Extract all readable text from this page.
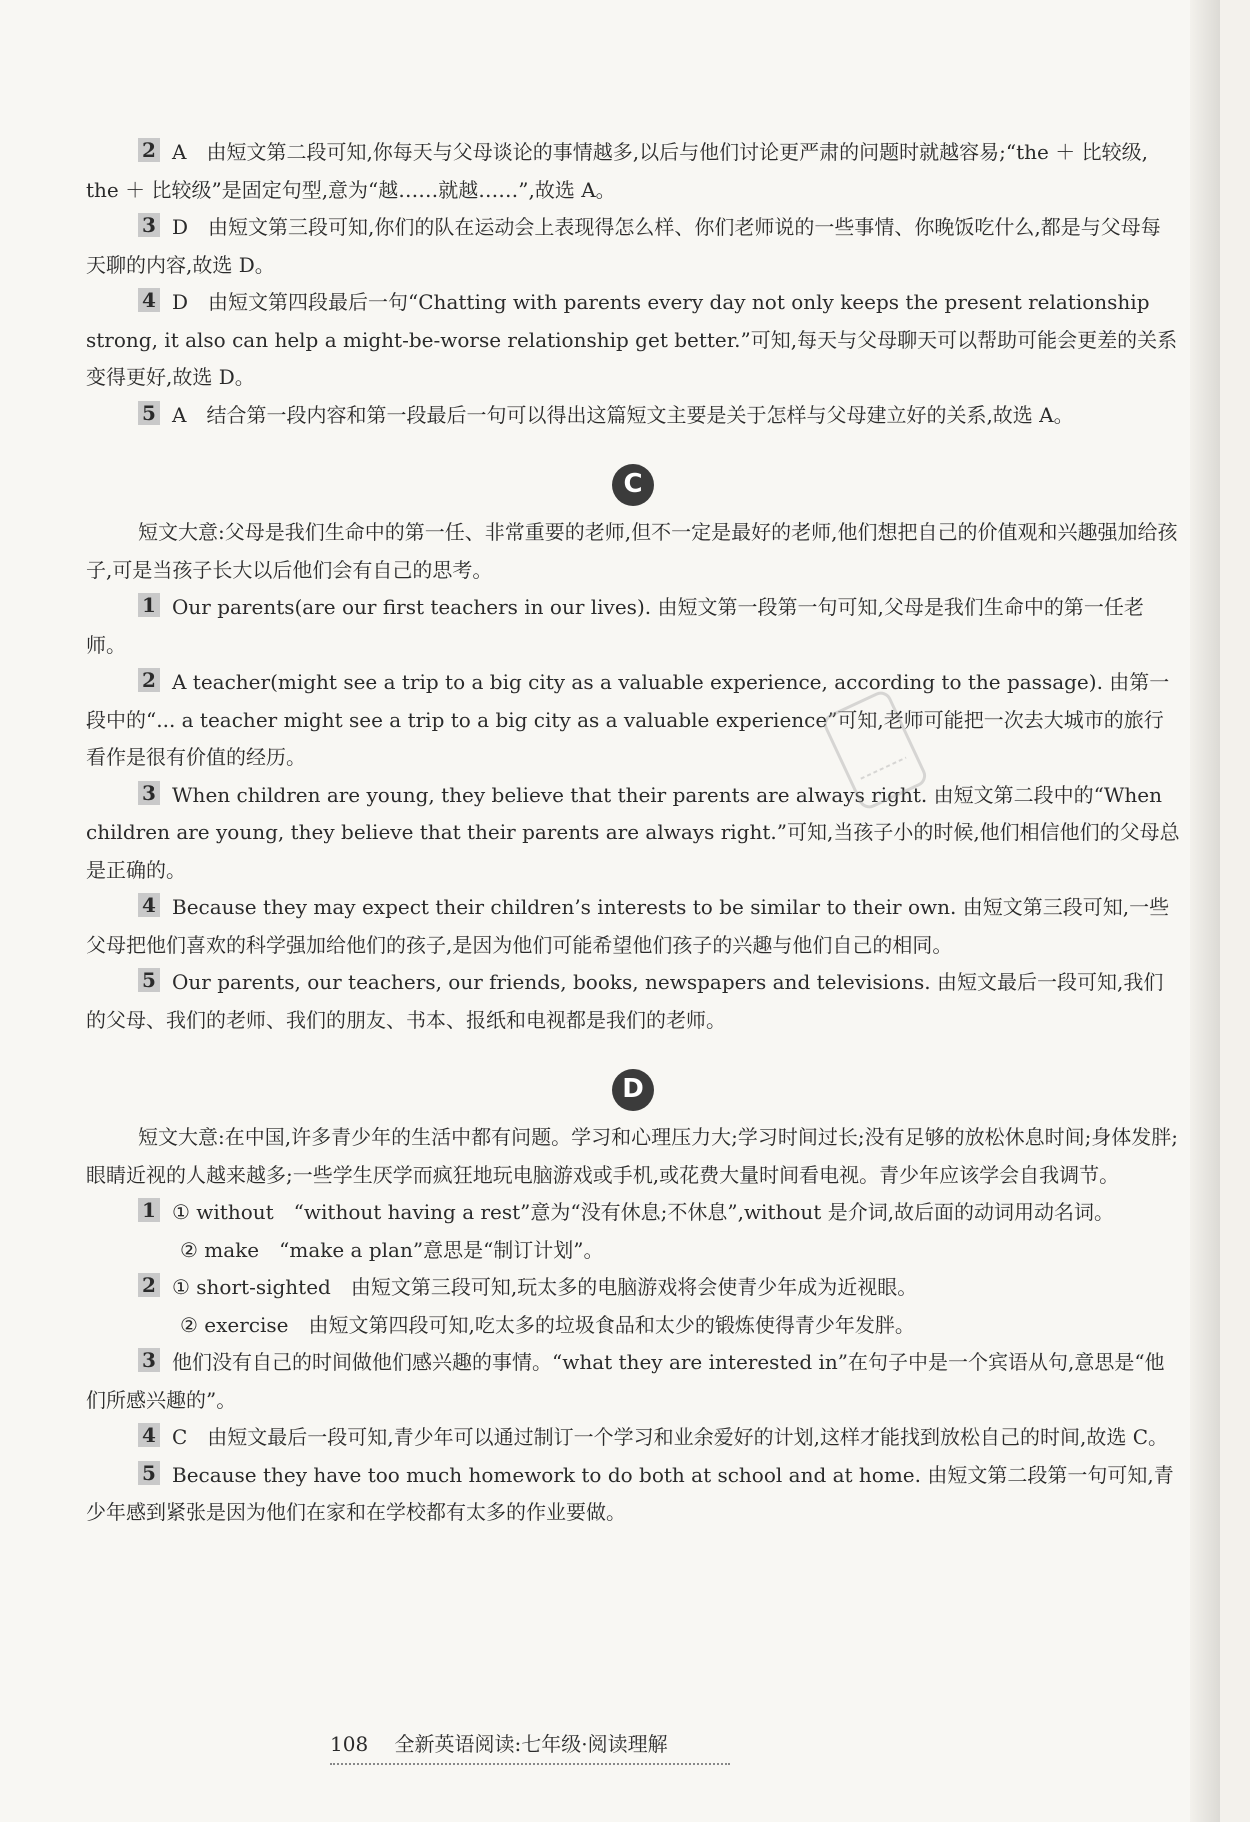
2 A　由短文第二段可知,你每天与父母谈论的事情越多,以后与他们讨论更严肃的问题时就越容易;“the ＋ 比较级, the ＋ 比较级”是固定句型,意为“越……就越……”,故选 A。

3 D　由短文第三段可知,你们的队在运动会上表现得怎么样、你们老师说的一些事情、你晚饭吃什么,都是与父母每天聊的内容,故选 D。

4 D　由短文第四段最后一句“Chatting with parents every day not only keeps the present relationship strong, it also can help a might-be-worse relationship get better.”可知,每天与父母聊天可以帮助可能会更差的关系变得更好,故选 D。

5 A　结合第一段内容和第一段最后一句可以得出这篇短文主要是关于怎样与父母建立好的关系,故选 A。

C

短文大意:父母是我们生命中的第一任、非常重要的老师,但不一定是最好的老师,他们想把自己的价值观和兴趣强加给孩子,可是当孩子长大以后他们会有自己的思考。

1 Our parents(are our first teachers in our lives). 由短文第一段第一句可知,父母是我们生命中的第一任老师。

2 A teacher(might see a trip to a big city as a valuable experience, according to the passage). 由第一段中的“... a teacher might see a trip to a big city as a valuable experience”可知,老师可能把一次去大城市的旅行看作是很有价值的经历。

3 When children are young, they believe that their parents are always right. 由短文第二段中的“When children are young, they believe that their parents are always right.”可知,当孩子小的时候,他们相信他们的父母总是正确的。

4 Because they may expect their children’s interests to be similar to their own. 由短文第三段可知,一些父母把他们喜欢的科学强加给他们的孩子,是因为他们可能希望他们孩子的兴趣与他们自己的相同。

5 Our parents, our teachers, our friends, books, newspapers and televisions. 由短文最后一段可知,我们的父母、我们的老师、我们的朋友、书本、报纸和电视都是我们的老师。

D

短文大意:在中国,许多青少年的生活中都有问题。学习和心理压力大;学习时间过长;没有足够的放松休息时间;身体发胖;眼睛近视的人越来越多;一些学生厌学而疯狂地玩电脑游戏或手机,或花费大量时间看电视。青少年应该学会自我调节。

1 ① without　“without having a rest”意为“没有休息;不休息”,without 是介词,故后面的动词用动名词。

② make　“make a plan”意思是“制订计划”。

2 ① short-sighted　由短文第三段可知,玩太多的电脑游戏将会使青少年成为近视眼。

② exercise　由短文第四段可知,吃太多的垃圾食品和太少的锻炼使得青少年发胖。

3 他们没有自己的时间做他们感兴趣的事情。“what they are interested in”在句子中是一个宾语从句,意思是“他们所感兴趣的”。

4 C　由短文最后一段可知,青少年可以通过制订一个学习和业余爱好的计划,这样才能找到放松自己的时间,故选 C。

5 Because they have too much homework to do both at school and at home. 由短文第二段第一句可知,青少年感到紧张是因为他们在家和在学校都有太多的作业要做。

108 全新英语阅读:七年级·阅读理解
